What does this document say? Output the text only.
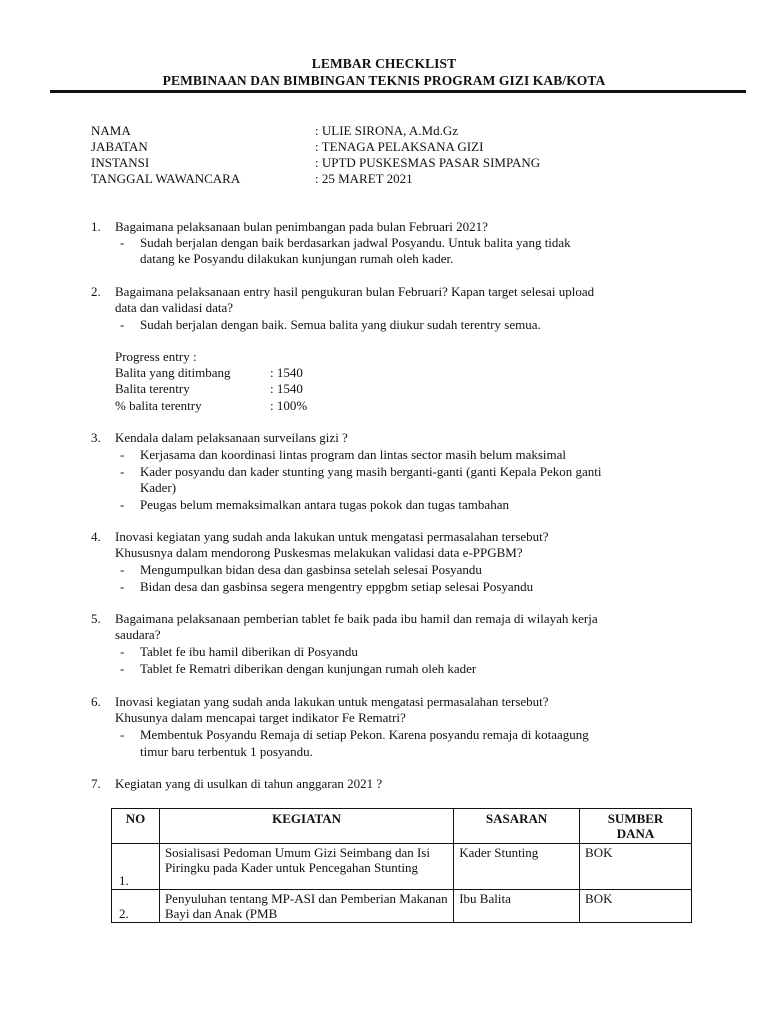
LEMBAR CHECKLIST
PEMBINAAN DAN BIMBINGAN TEKNIS PROGRAM GIZI KAB/KOTA
NAMA	: ULIE SIRONA, A.Md.Gz
JABATAN	: TENAGA PELAKSANA GIZI
INSTANSI	: UPTD PUSKESMAS PASAR SIMPANG
TANGGAL WAWANCARA	: 25 MARET 2021
1. Bagaimana pelaksanaan bulan penimbangan pada bulan Februari 2021?
- Sudah berjalan dengan baik berdasarkan jadwal Posyandu. Untuk balita yang tidak
datang ke Posyandu dilakukan kunjungan rumah oleh kader.
2. Bagaimana pelaksanaan entry hasil pengukuran bulan Februari? Kapan target selesai upload
data dan validasi data?
- Sudah berjalan dengan baik. Semua balita yang diukur sudah terentry semua.
Progress entry :
Balita yang ditimbang	: 1540
Balita terentry	: 1540
% balita terentry	: 100%
3. Kendala dalam pelaksanaan surveilans gizi ?
- Kerjasama dan koordinasi lintas program dan lintas sector masih belum maksimal
- Kader posyandu dan kader stunting yang masih berganti-ganti (ganti Kepala Pekon ganti
Kader)
- Peugas belum memaksimalkan antara tugas pokok dan tugas tambahan
4. Inovasi kegiatan yang sudah anda lakukan untuk mengatasi permasalahan tersebut?
Khususnya dalam mendorong Puskesmas melakukan validasi data e-PPGBM?
- Mengumpulkan bidan desa dan gasbinsa setelah selesai Posyandu
- Bidan desa dan gasbinsa segera mengentry eppgbm setiap selesai Posyandu
5. Bagaimana pelaksanaan pemberian tablet fe baik pada ibu hamil dan remaja di wilayah kerja
saudara?
- Tablet fe ibu hamil diberikan di Posyandu
- Tablet fe Rematri diberikan dengan kunjungan rumah oleh kader
6. Inovasi kegiatan yang sudah anda lakukan untuk mengatasi permasalahan tersebut?
Khusunya dalam mencapai target indikator Fe Rematri?
- Membentuk Posyandu Remaja di setiap Pekon. Karena posyandu remaja di kotaagung
timur baru terbentuk 1 posyandu.
7. Kegiatan yang di usulkan di tahun anggaran 2021 ?
NO	KEGIATAN	SASARAN	SUMBER DANA
1.	Sosialisasi Pedoman Umum Gizi Seimbang dan Isi Piringku pada Kader untuk Pencegahan Stunting	Kader Stunting	BOK
2.	Penyuluhan tentang MP-ASI dan Pemberian Makanan Bayi dan Anak (PMB	Ibu Balita	BOK
